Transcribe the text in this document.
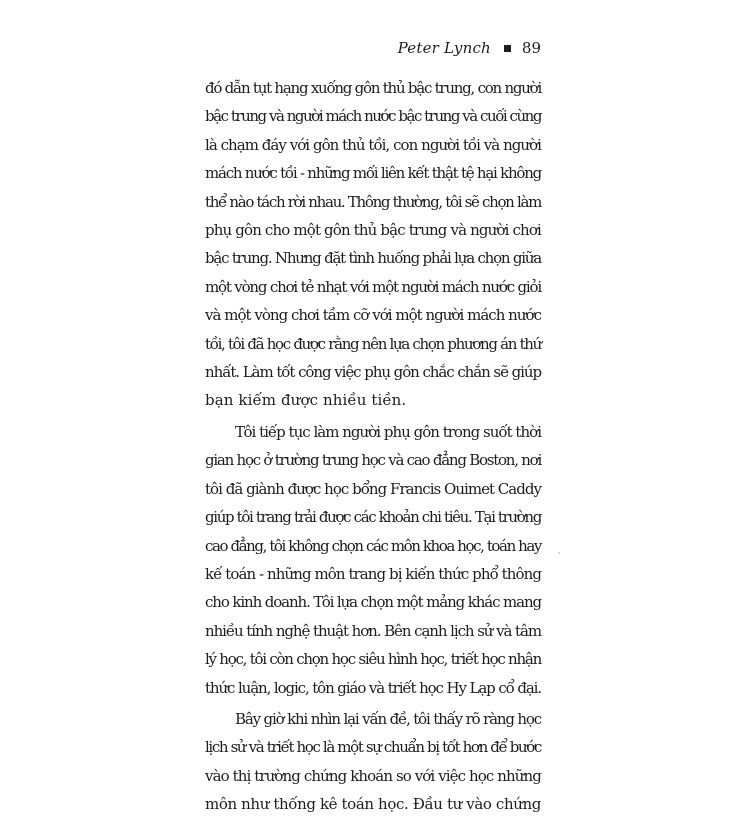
Peter Lynch 89
đó dẫn tụt hạng xuống gôn thủ bậc trung, con người
bậc trung và người mách nước bậc trung và cuối cùng
là chạm đáy với gôn thủ tồi, con người tồi và người
mách nước tồi - những mối liên kết thật tệ hại không
thể nào tách rời nhau. Thông thường, tôi sẽ chọn làm
phụ gôn cho một gôn thủ bậc trung và người chơi
bậc trung. Nhưng đặt tình huống phải lựa chọn giữa
một vòng chơi tẻ nhạt với một người mách nước giỏi
và một vòng chơi tầm cỡ với một người mách nước
tồi, tôi đã học được rằng nên lựa chọn phương án thứ
nhất. Làm tốt công việc phụ gôn chắc chắn sẽ giúp
bạn kiếm được nhiều tiền.
Tôi tiếp tục làm người phụ gôn trong suốt thời
gian học ở trường trung học và cao đẳng Boston, nơi
tôi đã giành được học bổng Francis Ouimet Caddy
giúp tôi trang trải được các khoản chi tiêu. Tại trường
cao đẳng, tôi không chọn các môn khoa học, toán hay
kế toán - những môn trang bị kiến thức phổ thông
cho kinh doanh. Tôi lựa chọn một mảng khác mang
nhiều tính nghệ thuật hơn. Bên cạnh lịch sử và tâm
lý học, tôi còn chọn học siêu hình học, triết học nhận
thức luận, logic, tôn giáo và triết học Hy Lạp cổ đại.
Bây giờ khi nhìn lại vấn đề, tôi thấy rõ ràng học
lịch sử và triết học là một sự chuẩn bị tốt hơn để bước
vào thị trường chứng khoán so với việc học những
môn như thống kê toán học. Đầu tư vào chứng
